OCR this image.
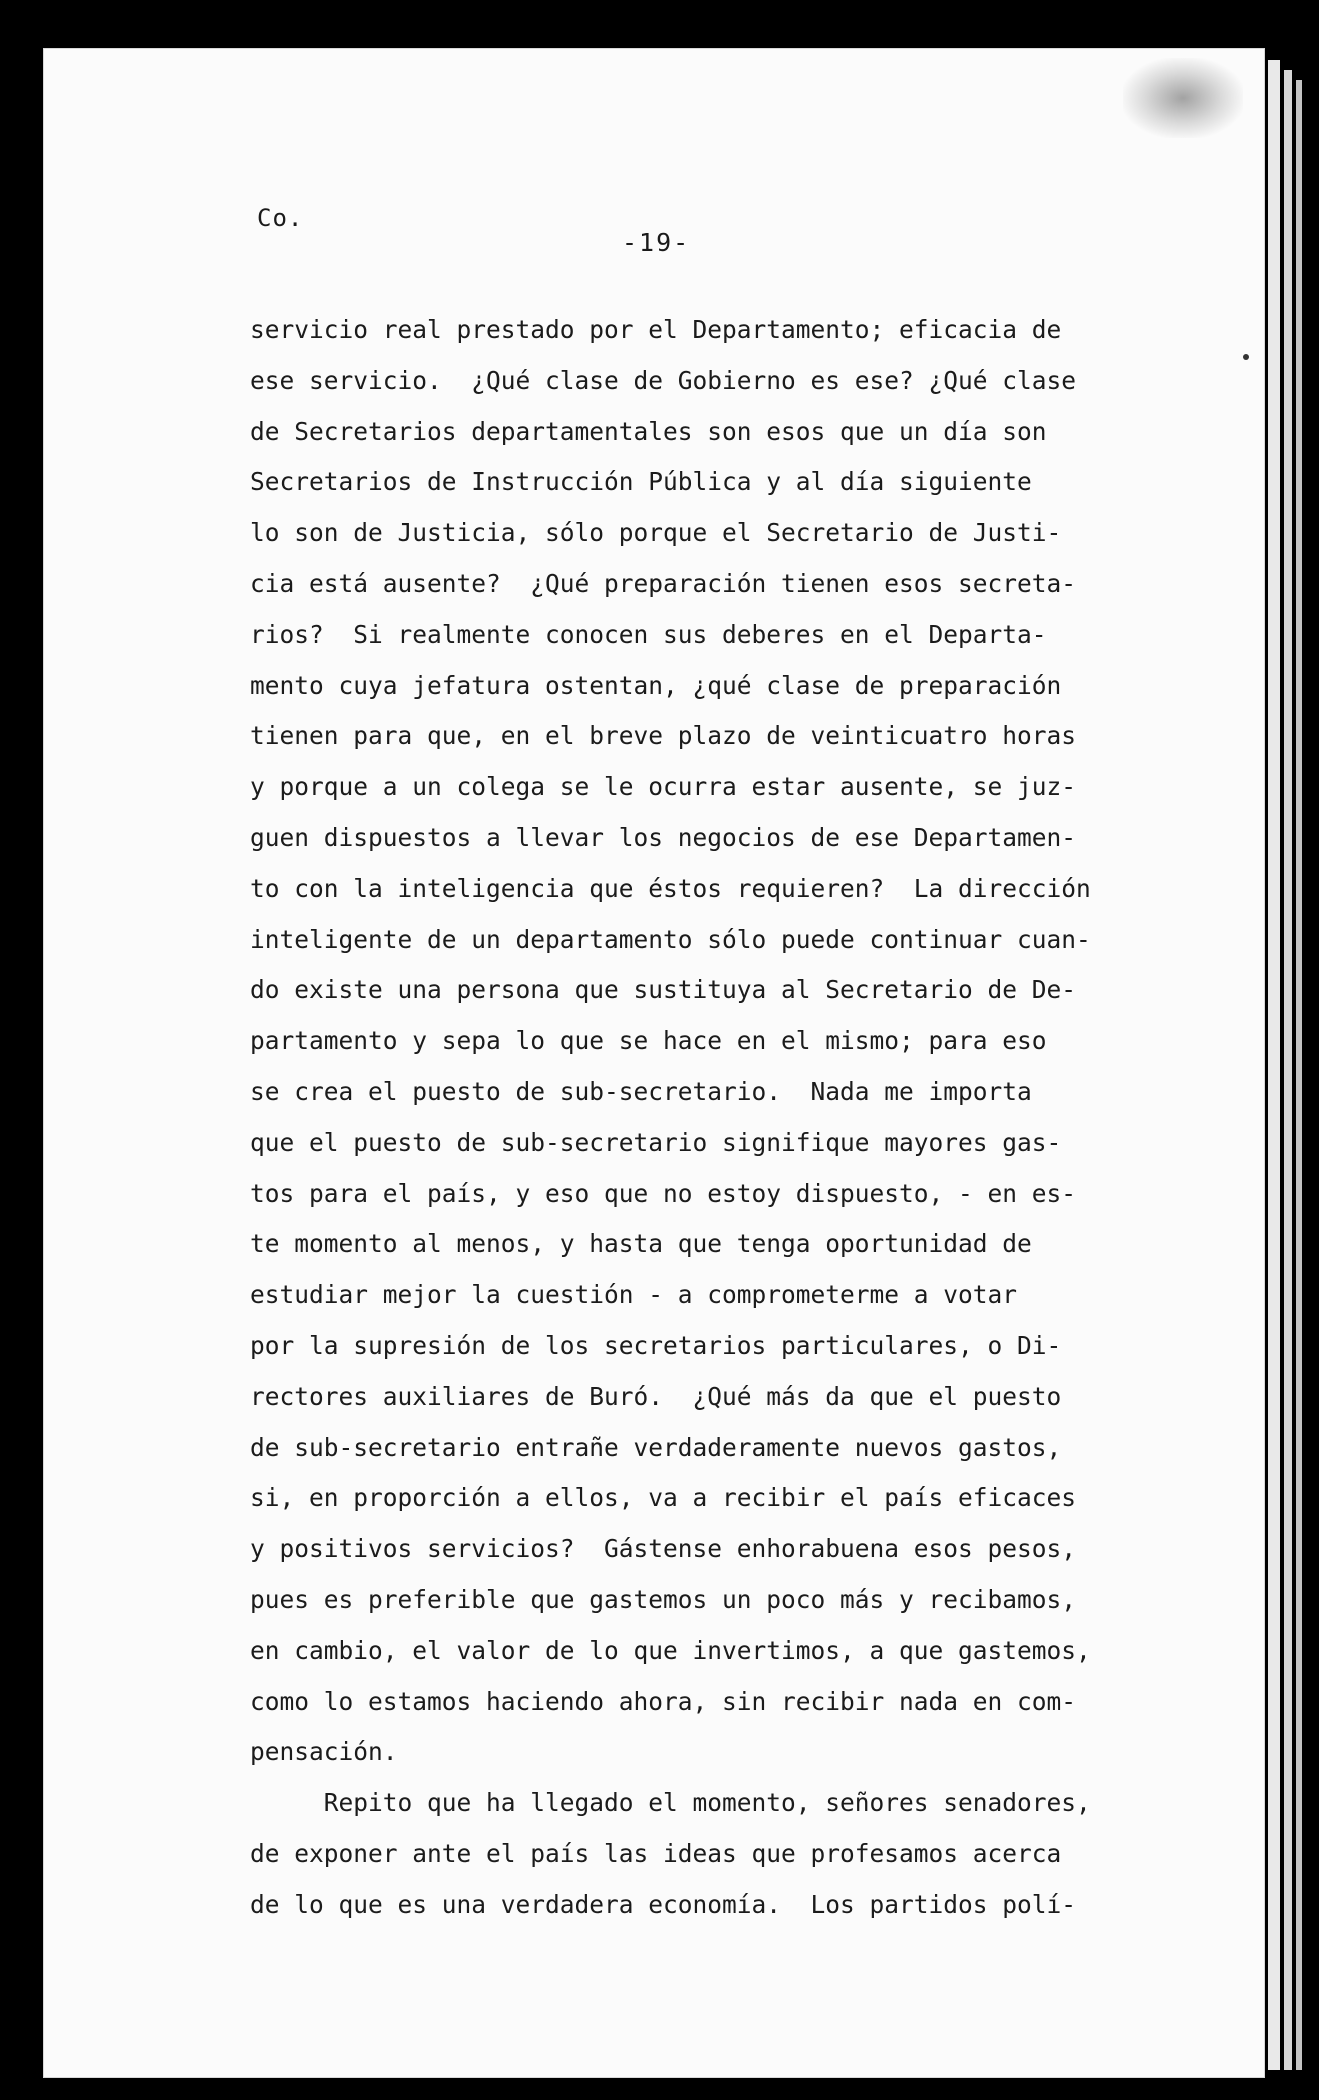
Co.
-19-
servicio real prestado por el Departamento; eficacia de
ese servicio.  ¿Qué clase de Gobierno es ese? ¿Qué clase
de Secretarios departamentales son esos que un día son
Secretarios de Instrucción Pública y al día siguiente
lo son de Justicia, sólo porque el Secretario de Justi-
cia está ausente?  ¿Qué preparación tienen esos secreta-
rios?  Si realmente conocen sus deberes en el Departa-
mento cuya jefatura ostentan, ¿qué clase de preparación
tienen para que, en el breve plazo de veinticuatro horas
y porque a un colega se le ocurra estar ausente, se juz-
guen dispuestos a llevar los negocios de ese Departamen-
to con la inteligencia que éstos requieren?  La dirección
inteligente de un departamento sólo puede continuar cuan-
do existe una persona que sustituya al Secretario de De-
partamento y sepa lo que se hace en el mismo; para eso
se crea el puesto de sub-secretario.  Nada me importa
que el puesto de sub-secretario signifique mayores gas-
tos para el país, y eso que no estoy dispuesto, - en es-
te momento al menos, y hasta que tenga oportunidad de
estudiar mejor la cuestión - a comprometerme a votar
por la supresión de los secretarios particulares, o Di-
rectores auxiliares de Buró.  ¿Qué más da que el puesto
de sub-secretario entrañe verdaderamente nuevos gastos,
si, en proporción a ellos, va a recibir el país eficaces
y positivos servicios?  Gástense enhorabuena esos pesos,
pues es preferible que gastemos un poco más y recibamos,
en cambio, el valor de lo que invertimos, a que gastemos,
como lo estamos haciendo ahora, sin recibir nada en com-
pensación.
Repito que ha llegado el momento, señores senadores,
de exponer ante el país las ideas que profesamos acerca
de lo que es una verdadera economía.  Los partidos polí-
